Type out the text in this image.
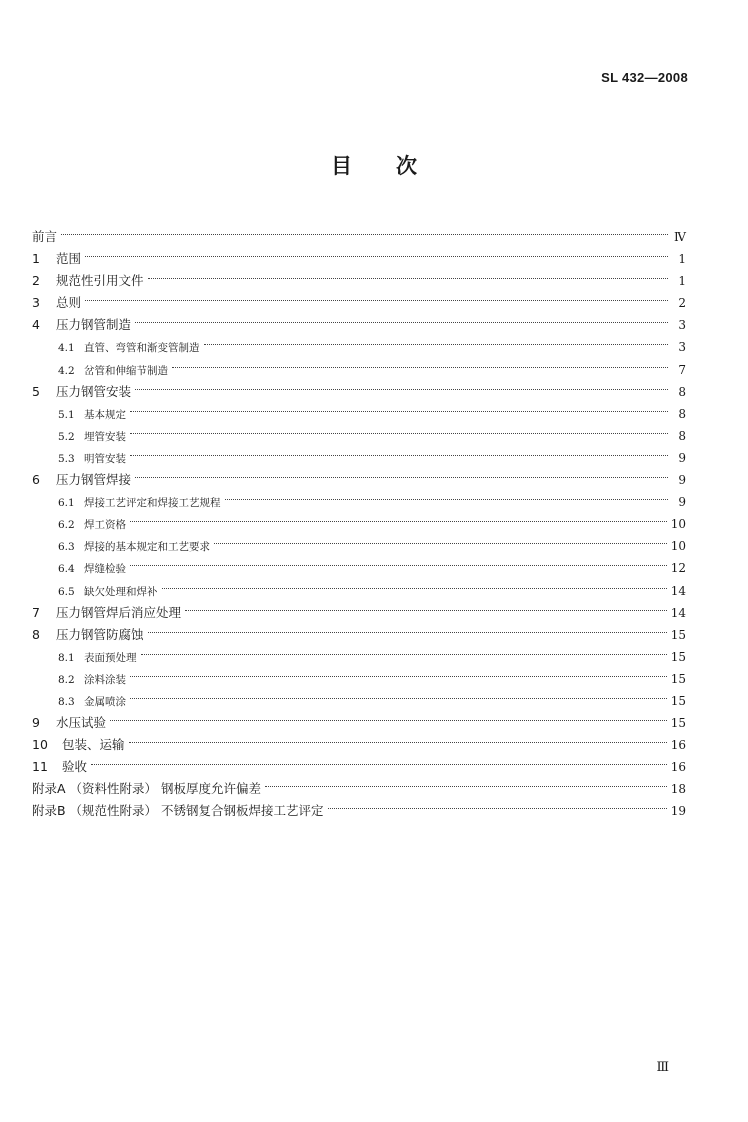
SL 432—2008
目 次
前言	Ⅳ
1	范围	1
2	规范性引用文件	1
3	总则	2
4	压力钢管制造	3
4.1 直管、弯管和渐变管制造	3
4.2 岔管和伸缩节制造	7
5	压力钢管安装	8
5.1 基本规定	8
5.2 埋管安装	8
5.3 明管安装	9
6	压力钢管焊接	9
6.1 焊接工艺评定和焊接工艺规程	9
6.2 焊工资格	10
6.3 焊接的基本规定和工艺要求	10
6.4 焊缝检验	12
6.5 缺欠处理和焊补	14
7	压力钢管焊后消应处理	14
8	压力钢管防腐蚀	15
8.1 表面预处理	15
8.2 涂料涂装	15
8.3 金属喷涂	15
9	水压试验	15
10	包装、运输	16
11	验收	16
附录A （资料性附录） 钢板厚度允许偏差	18
附录B （规范性附录） 不锈钢复合钢板焊接工艺评定	19
Ⅲ
